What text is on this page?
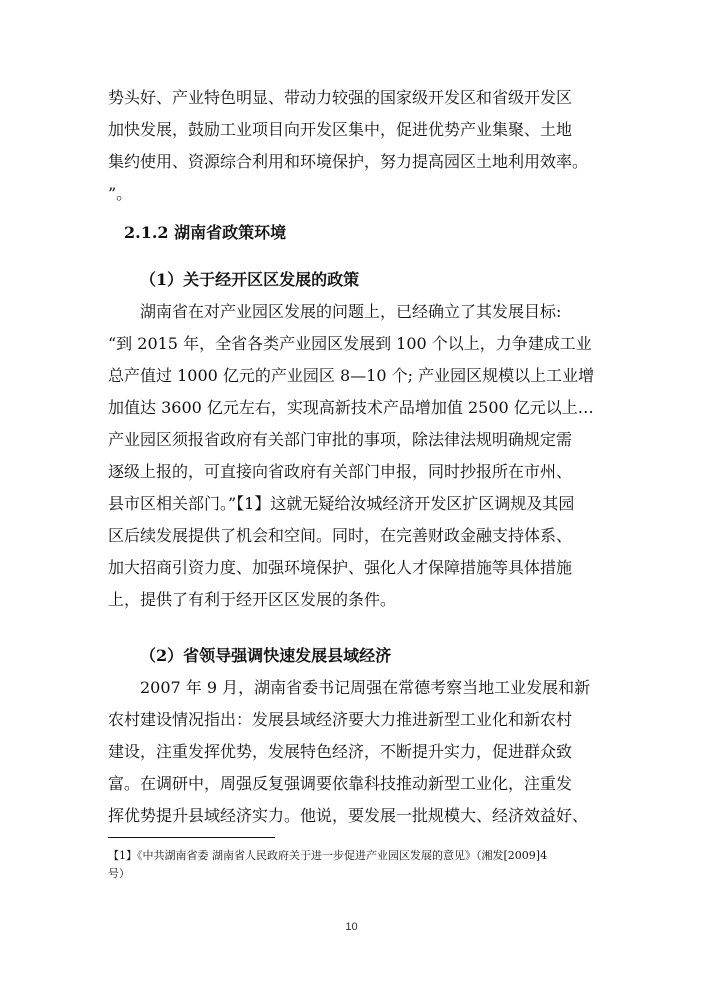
势头好、产业特色明显、带动力较强的国家级开发区和省级开发区
加快发展，鼓励工业项目向开发区集中，促进优势产业集聚、土地
集约使用、资源综合利用和环境保护，努力提高园区土地利用效率。
”。
2.1.2 湖南省政策环境
（1）关于经开区区发展的政策
湖南省在对产业园区发展的问题上，已经确立了其发展目标:
“到 2015 年，全省各类产业园区发展到 100 个以上，力争建成工业
总产值过 1000 亿元的产业园区 8—10 个; 产业园区规模以上工业增
加值达 3600 亿元左右，实现高新技术产品增加值 2500 亿元以上…
产业园区须报省政府有关部门审批的事项，除法律法规明确规定需
逐级上报的，可直接向省政府有关部门申报，同时抄报所在市州、
县市区相关部门。”【1】这就无疑给汝城经济开发区扩区调规及其园
区后续发展提供了机会和空间。同时，在完善财政金融支持体系、
加大招商引资力度、加强环境保护、强化人才保障措施等具体措施
上，提供了有利于经开区区发展的条件。
（2）省领导强调快速发展县域经济
2007 年 9 月，湖南省委书记周强在常德考察当地工业发展和新
农村建设情况指出：发展县域经济要大力推进新型工业化和新农村
建设，注重发挥优势，发展特色经济，不断提升实力，促进群众致
富。在调研中，周强反复强调要依靠科技推动新型工业化，注重发
挥优势提升县域经济实力。他说，要发展一批规模大、经济效益好、
【1】《中共湖南省委 湖南省人民政府关于进一步促进产业园区发展的意见》（湘发[2009]4
号）
10
